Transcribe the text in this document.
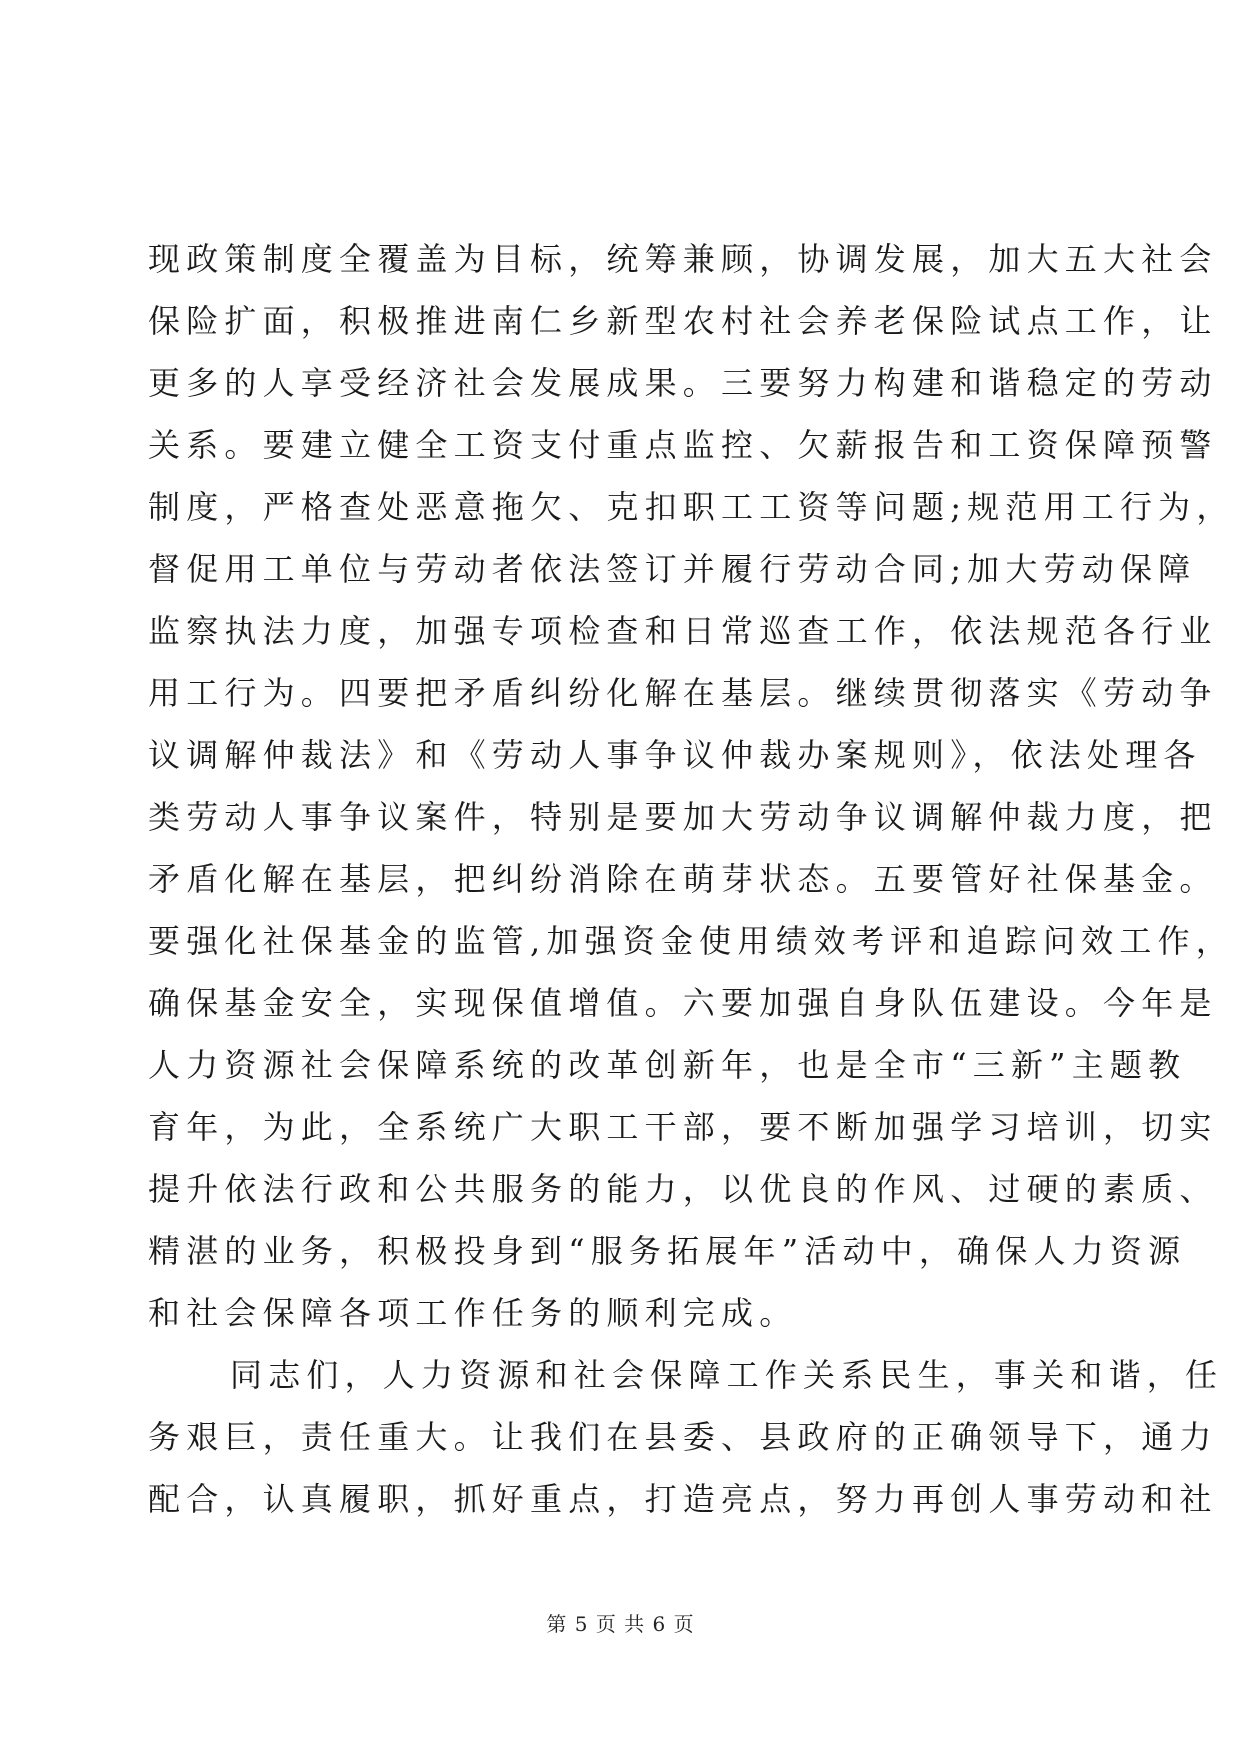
现政策制度全覆盖为目标，统筹兼顾，协调发展，加大五大社会
保险扩面，积极推进南仁乡新型农村社会养老保险试点工作，让
更多的人享受经济社会发展成果。三要努力构建和谐稳定的劳动
关系。要建立健全工资支付重点监控、欠薪报告和工资保障预警
制度，严格查处恶意拖欠、克扣职工工资等问题;规范用工行为，
督促用工单位与劳动者依法签订并履行劳动合同;加大劳动保障
监察执法力度，加强专项检查和日常巡查工作，依法规范各行业
用工行为。四要把矛盾纠纷化解在基层。继续贯彻落实《劳动争
议调解仲裁法》和《劳动人事争议仲裁办案规则》，依法处理各
类劳动人事争议案件，特别是要加大劳动争议调解仲裁力度，把
矛盾化解在基层，把纠纷消除在萌芽状态。五要管好社保基金。
要强化社保基金的监管,加强资金使用绩效考评和追踪问效工作，
确保基金安全，实现保值增值。六要加强自身队伍建设。今年是
人力资源社会保障系统的改革创新年，也是全市“三新”主题教
育年，为此，全系统广大职工干部，要不断加强学习培训，切实
提升依法行政和公共服务的能力，以优良的作风、过硬的素质、
精湛的业务，积极投身到“服务拓展年”活动中，确保人力资源
和社会保障各项工作任务的顺利完成。
同志们，人力资源和社会保障工作关系民生，事关和谐，任
务艰巨，责任重大。让我们在县委、县政府的正确领导下，通力
配合，认真履职，抓好重点，打造亮点，努力再创人事劳动和社
第 5 页 共 6 页
